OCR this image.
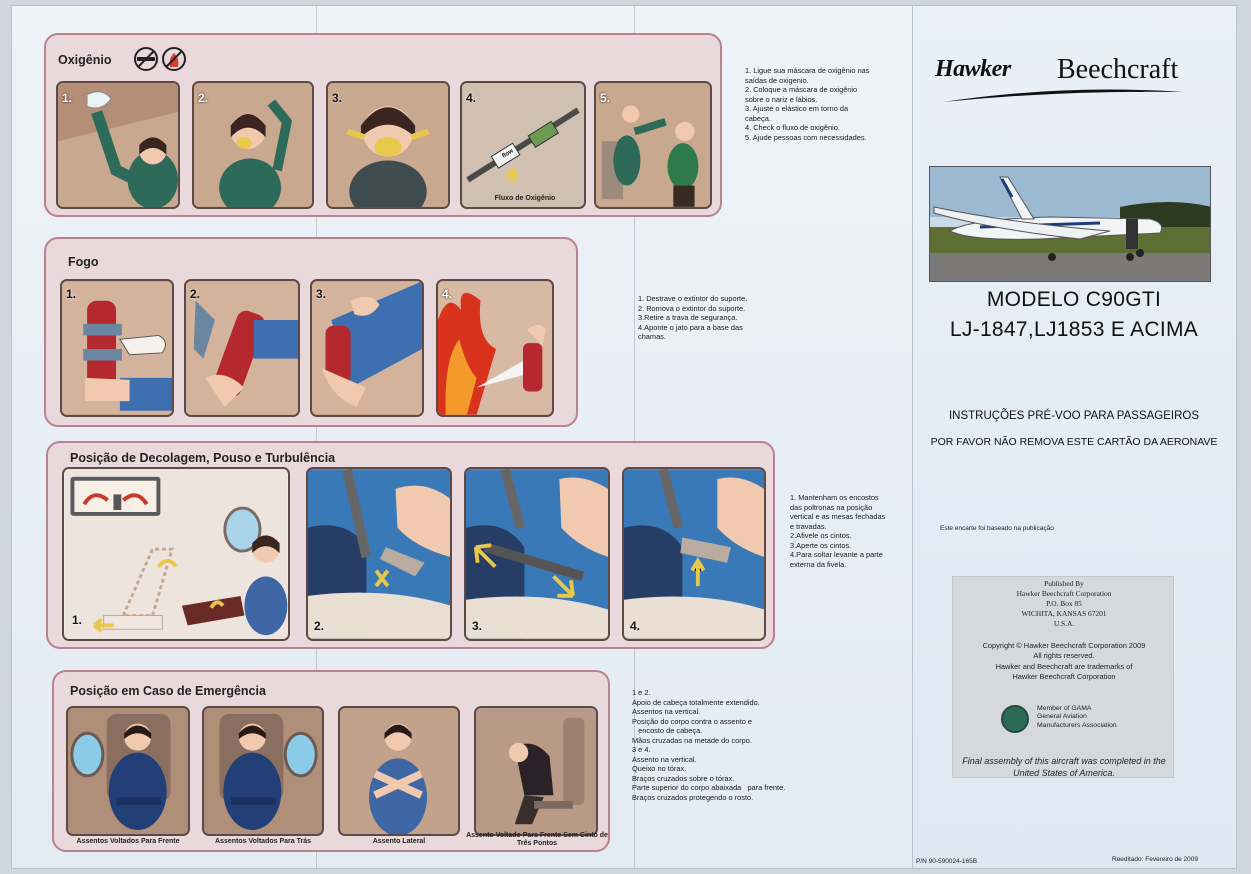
Oxigênio
1.	2.	3.	4.
flow
Fluxo de Oxigênio
5.
1. Ligue sua máscara de oxigênio nas
saídas de oxigenio.
2. Coloque a máscara de oxigênio
sobre o nariz e lábios.
3. Ajuste o elástico em torno da
cabeça.
4. Check o fluxo de oxigênio.
5. Ajude pessoas com necessidades.
Fogo
1.	2.	3.	4.	1. Destrave o extintor do suporte.
2. Romova o extintor do suporte.
3.Retire a trava de segurança.
4.Aponte o jato para a base das
chamas.
Posição de Decolagem, Pouso e Turbulência
1.	2.	3.	4.
1. Mantenham os encostos
das poltronas na posição
vertical e as mesas fechadas
e travadas.
2.Afivele os cintos.
3.Aperte os cintos.
4.Para soltar levante a parte
externa da fivela.
Posição em Caso de Emergência
Assentos Voltados Para Frente	Assentos Voltados Para Trás	Assento Lateral
Assento Voltado Para Frente Sem Cinto de Três Pontos
1 e 2.
Apoio de cabeça totalmente extendido.
Assentos na vertical.
Posição do corpo contra o assento e
encosto de cabeça.
Mãos cruzadas na metade do corpo.
3 e 4.
Assento na vertical.
Queixo no tórax.
Braços cruzados sobre o tórax.
Parte superior do corpo abaixada   para frente.
Braços cruzados protegendo o rosto.
Hawker Beechcraft
MODELO C90GTI
LJ-1847,LJ1853 E ACIMA
INSTRUÇÕES PRÉ-VOO PARA PASSAGEIROS
POR FAVOR NÃO REMOVA ESTE CARTÃO DA AERONAVE
Este encarte foi baseado na publicação
Published By
Hawker Beechcraft Corporation
P.O. Box 85
WICHITA, KANSAS 67201
U.S.A.
Copyright © Hawker Beechcraft Corporation 2009
All rights reserved.
Hawker and Beechcraft are trademarks of
Hawker Beechcraft Corporation
Member of GAMA
General Aviation
Manufacturers Association
Final assembly of this aircraft was completed in the
United States of America.
P/N 90-590024-165B	Reeditado: Fevereiro de 2009
